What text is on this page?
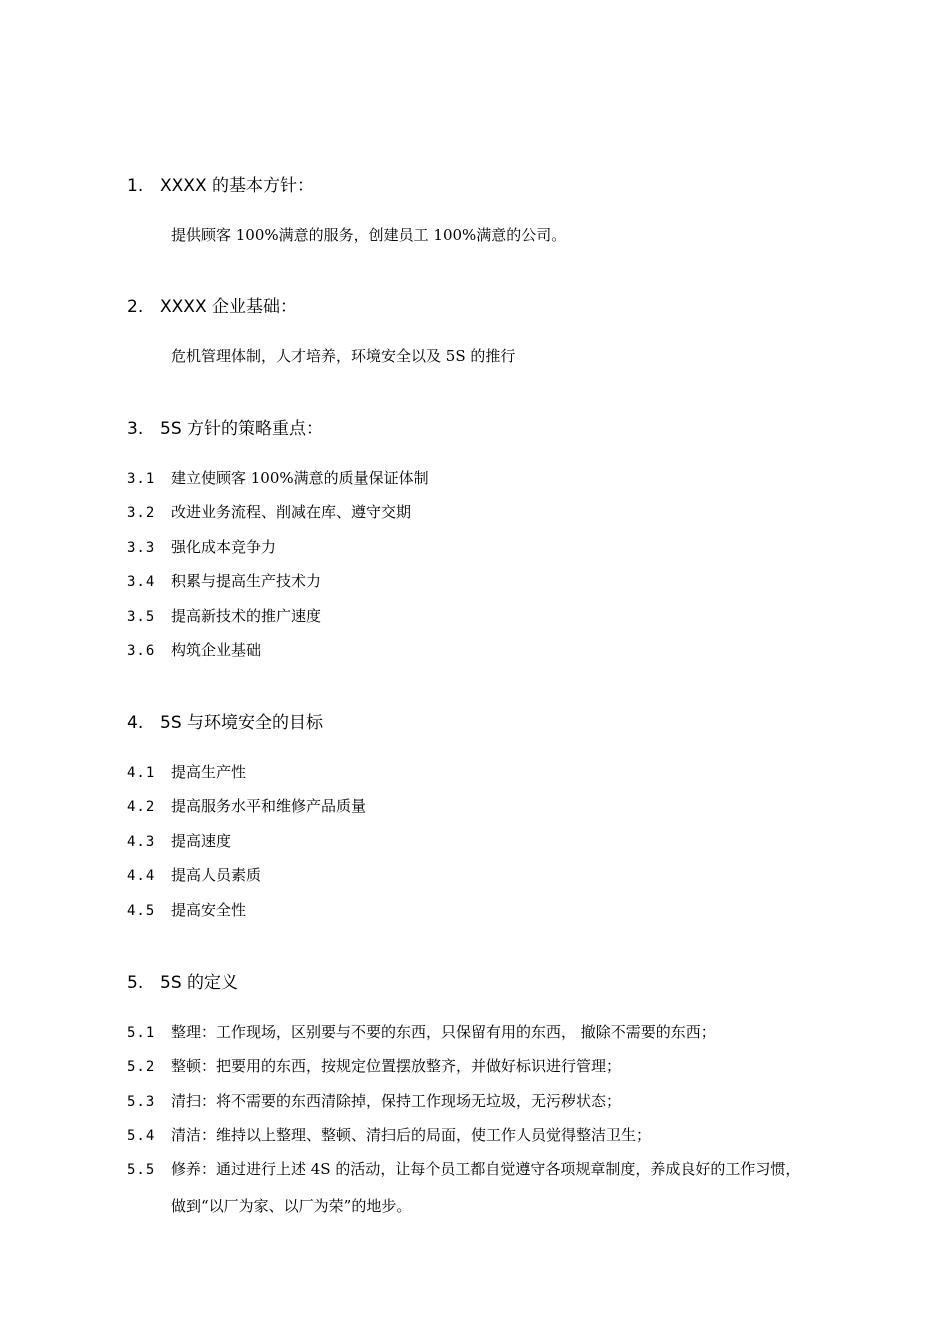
1. XXXX 的基本方针：
提供顾客 100%满意的服务，创建员工 100%满意的公司。
2. XXXX 企业基础：
危机管理体制，人才培养，环境安全以及 5S 的推行
3. 5S 方针的策略重点：
3.1 建立使顾客 100%满意的质量保证体制
3.2 改进业务流程、削减在库、遵守交期
3.3 强化成本竞争力
3.4 积累与提高生产技术力
3.5 提高新技术的推广速度
3.6 构筑企业基础
4. 5S 与环境安全的目标
4.1 提高生产性
4.2 提高服务水平和维修产品质量
4.3 提高速度
4.4 提高人员素质
4.5 提高安全性
5. 5S 的定义
5.1 整理：工作现场，区别要与不要的东西，只保留有用的东西， 撤除不需要的东西；
5.2 整顿：把要用的东西，按规定位置摆放整齐，并做好标识进行管理；
5.3 清扫：将不需要的东西清除掉，保持工作现场无垃圾，无污秽状态；
5.4 清洁：维持以上整理、整顿、清扫后的局面，使工作人员觉得整洁卫生；
5.5 修养：通过进行上述 4S 的活动，让每个员工都自觉遵守各项规章制度，养成良好的工作习惯，
做到“以厂为家、以厂为荣”的地步。
